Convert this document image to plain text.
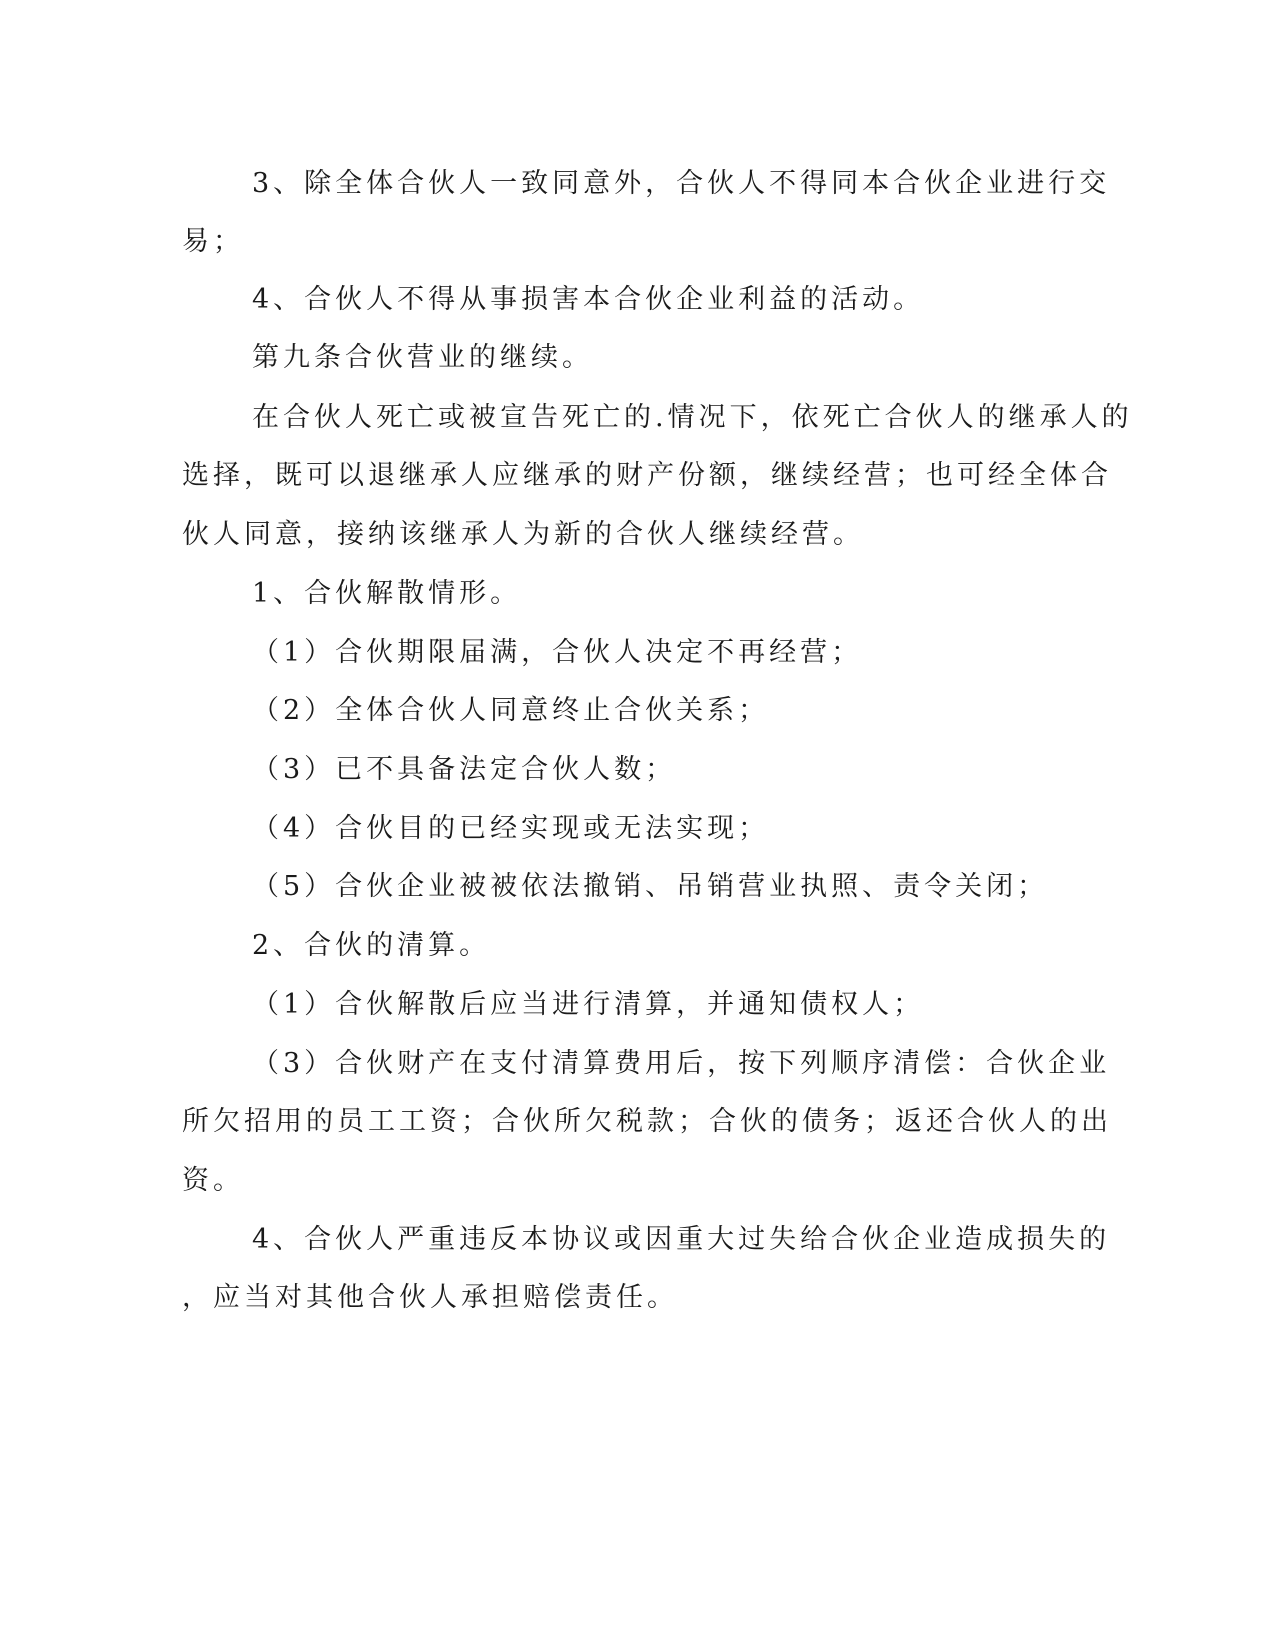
3、除全体合伙人一致同意外，合伙人不得同本合伙企业进行交
易；
4、合伙人不得从事损害本合伙企业利益的活动。
第九条合伙营业的继续。
在合伙人死亡或被宣告死亡的.情况下，依死亡合伙人的继承人的
选择，既可以退继承人应继承的财产份额，继续经营；也可经全体合
伙人同意，接纳该继承人为新的合伙人继续经营。
1、合伙解散情形。
（1）合伙期限届满，合伙人决定不再经营；
（2）全体合伙人同意终止合伙关系；
（3）已不具备法定合伙人数；
（4）合伙目的已经实现或无法实现；
（5）合伙企业被被依法撤销、吊销营业执照、责令关闭；
2、合伙的清算。
（1）合伙解散后应当进行清算，并通知债权人；
（3）合伙财产在支付清算费用后，按下列顺序清偿：合伙企业
所欠招用的员工工资；合伙所欠税款；合伙的债务；返还合伙人的出
资。
4、合伙人严重违反本协议或因重大过失给合伙企业造成损失的
，应当对其他合伙人承担赔偿责任。
